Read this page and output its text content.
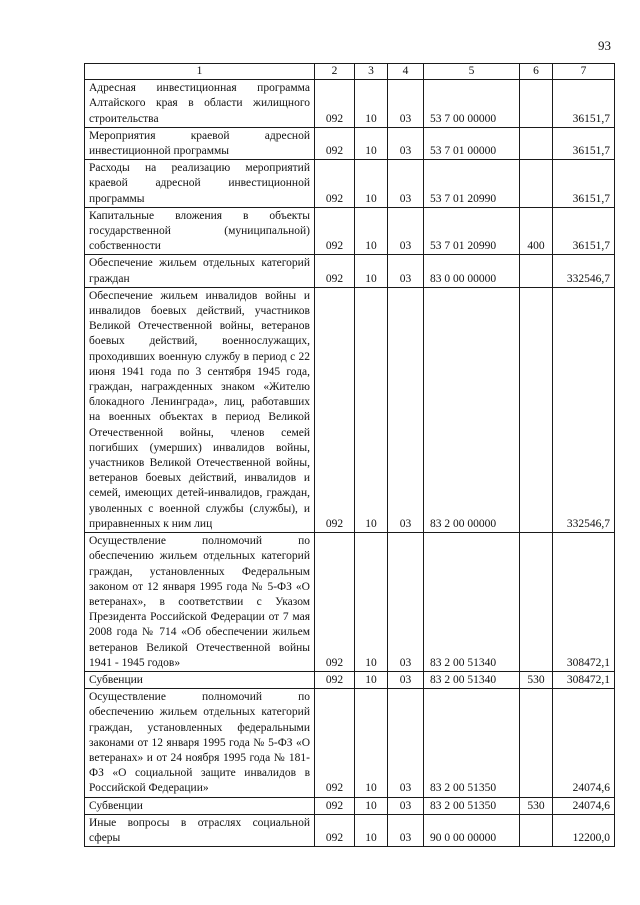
93
1	2	3	4	5	6	7
Адресная инвестиционная программа Алтайского края в области жилищного строительства	092	10	03	53 7 00 00000		36151,7
Мероприятия краевой адресной инвестиционной программы	092	10	03	53 7 01 00000		36151,7
Расходы на реализацию мероприятий краевой адресной инвестиционной программы	092	10	03	53 7 01 20990		36151,7
Капитальные вложения в объекты государственной (муниципальной) собственности	092	10	03	53 7 01 20990	400	36151,7
Обеспечение жильем отдельных категорий граждан	092	10	03	83 0 00 00000		332546,7
Обеспечение жильем инвалидов войны и инвалидов боевых действий, участников Великой Отечественной войны, ветеранов боевых действий, военнослужащих, проходивших военную службу в период с 22 июня 1941 года по 3 сентября 1945 года, граждан, награжденных знаком «Жителю блокадного Ленинграда», лиц, работавших на военных объектах в период Великой Отечественной войны, членов семей погибших (умерших) инвалидов войны, участников Великой Отечественной войны, ветеранов боевых действий, инвалидов и семей, имеющих детей-инвалидов, граждан, уволенных с военной службы (службы), и приравненных к ним лиц	092	10	03	83 2 00 00000		332546,7
Осуществление полномочий по обеспечению жильем отдельных категорий граждан, установленных Федеральным законом от 12 января 1995 года № 5-ФЗ «О ветеранах», в соответствии с Указом Президента Российской Федерации от 7 мая 2008 года № 714 «Об обеспечении жильем ветеранов Великой Отечественной войны 1941 - 1945 годов»	092	10	03	83 2 00 51340		308472,1
Субвенции	092	10	03	83 2 00 51340	530	308472,1
Осуществление полномочий по обеспечению жильем отдельных категорий граждан, установленных федеральными законами от 12 января 1995 года № 5-ФЗ «О ветеранах» и от 24 ноября 1995 года № 181-ФЗ «О социальной защите инвалидов в Российской Федерации»	092	10	03	83 2 00 51350		24074,6
Субвенции	092	10	03	83 2 00 51350	530	24074,6
Иные вопросы в отраслях социальной сферы	092	10	03	90 0 00 00000		12200,0
